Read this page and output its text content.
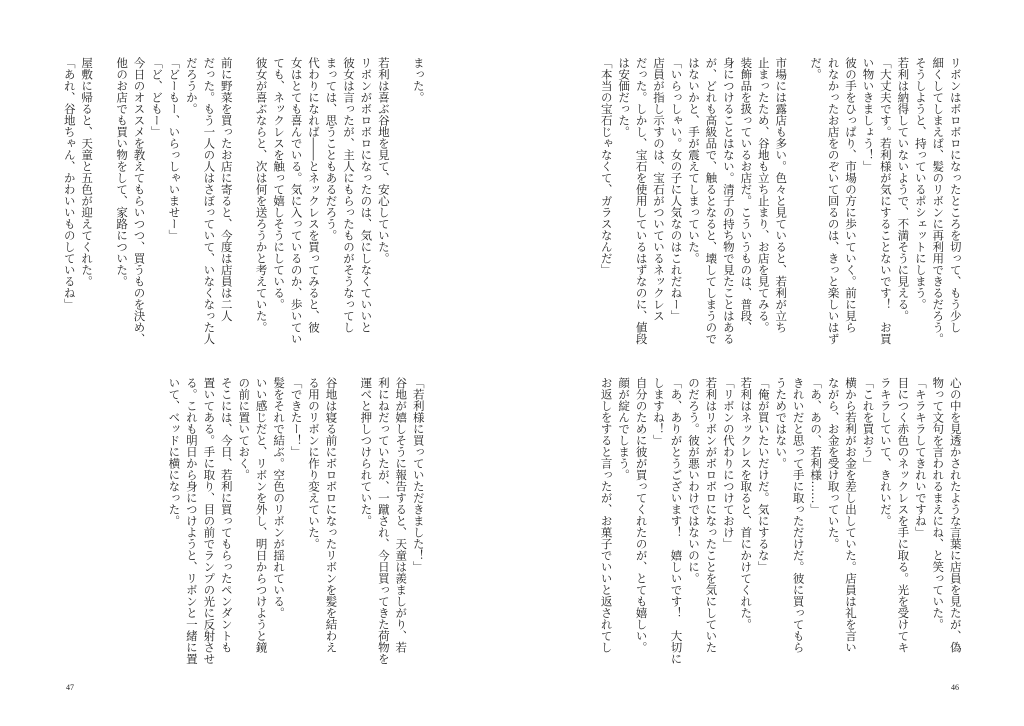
まった。

若利は喜ぶ谷地を見て、安心していた。

リボンがボロボロになったのは、気にしなくていいと

彼女は言ったが、主人にもらったものがそうなってし

まっては、思うこともあるだろう。

代わりになれば――とネックレスを買ってみると、彼

女はとても喜んでいる。気に入っているのか、歩いてい

ても、ネックレスを触って嬉しそうにしている。

彼女が喜ぶならと、次は何を送ろうかと考えていた。

前に野菜を買ったお店に寄ると、今度は店員は二人

だった。もう一人の人はさぼっていて、いなくなった人

だろうか。

「どーもー、いらっしゃいませー」

「ど、どもー」

今日のオススメを教えてもらいつつ、買うものを決め、

他のお店でも買い物をして、家路についた。

屋敷に帰ると、天童と五色が迎えてくれた。

「あれ、谷地ちゃん、かわいいものしているね」

「若利様に買っていただきました！」

谷地が嬉しそうに報告すると、天童は羨ましがり、若

利にねだっていたが、一蹴され、今日買ってきた荷物を

運べと押しつけられていた。

谷地は寝る前にボロボロになったリボンを髪を結わえ

る用のリボンに作り変えていた。

「できたー！」

髪をそれで結ぶ。空色のリボンが揺れている。

いい感じだと、リボンを外し、明日からつけようと鏡

の前に置いておく。

そこには、今日、若利に買ってもらったペンダントも

置いてある。手に取り、目の前でランプの光に反射させ

る。これも明日から身につけようと、リボンと一緒に置

いて、ベッドに横になった。

47

リボンはボロボロになったところを切って、もう少し

細くしてしまえば、髪のリボンに再利用できるだろう。

そうしようと、持っているポシェットにしまう。

若利は納得していないようで、不満そうに見える。

「大丈夫です。若利様が気にすることないです！　お買

い物いきましょう！」

彼の手をひっぱり、市場の方に歩いていく。前に見ら

れなかったお店をのぞいて回るのは、きっと楽しいはず

だ。

市場には露店も多い。色々と見ていると、若利が立ち

止まったため、谷地も立ち止まり、お店を見てみる。

装飾品を扱っているお店だ。こういうものは、普段、

身につけることはない。清子の持ち物で見たことはある

が、どれも高級品で、触るとなると、壊してしまうので

はないかと、手が震えてしまっていた。

「いらっしゃい。女の子に人気なのはこれだねー」

店員が指し示すのは、宝石がついているネックレス

だった。しかし、宝石を使用しているはずなのに、値段

は安価だった。

「本当の宝石じゃなくて、ガラスなんだ」

心の中を見透かされたような言葉に店員を見たが、偽

物って文句を言われるまえにね、と笑っていた。

「キラキラしてきれいですね」

目につく赤色のネックレスを手に取る。光を受けてキ

ラキラしていて、きれいだ。

「これを買おう」

横から若利がお金を差し出していた。店員は礼を言い

ながら、お金を受け取っていた。

「あ、あの、若利様……」

きれいだと思って手に取っただけだ。彼に買ってもら

うためではない。

「俺が買いたいだけだ。気にするな」

若利はネックレスを取ると、首にかけてくれた。

「リボンの代わりにつけておけ」

若利はリボンがボロボロになったことを気にしていた

のだろう。彼が悪いわけではないのに。

「あ、ありがとうございます！　嬉しいです！　大切に

しますね！」

自分のために彼が買ってくれたのが、とても嬉しい。

顔が綻んでしまう。

お返しをすると言ったが、お菓子でいいと返されてし

46
